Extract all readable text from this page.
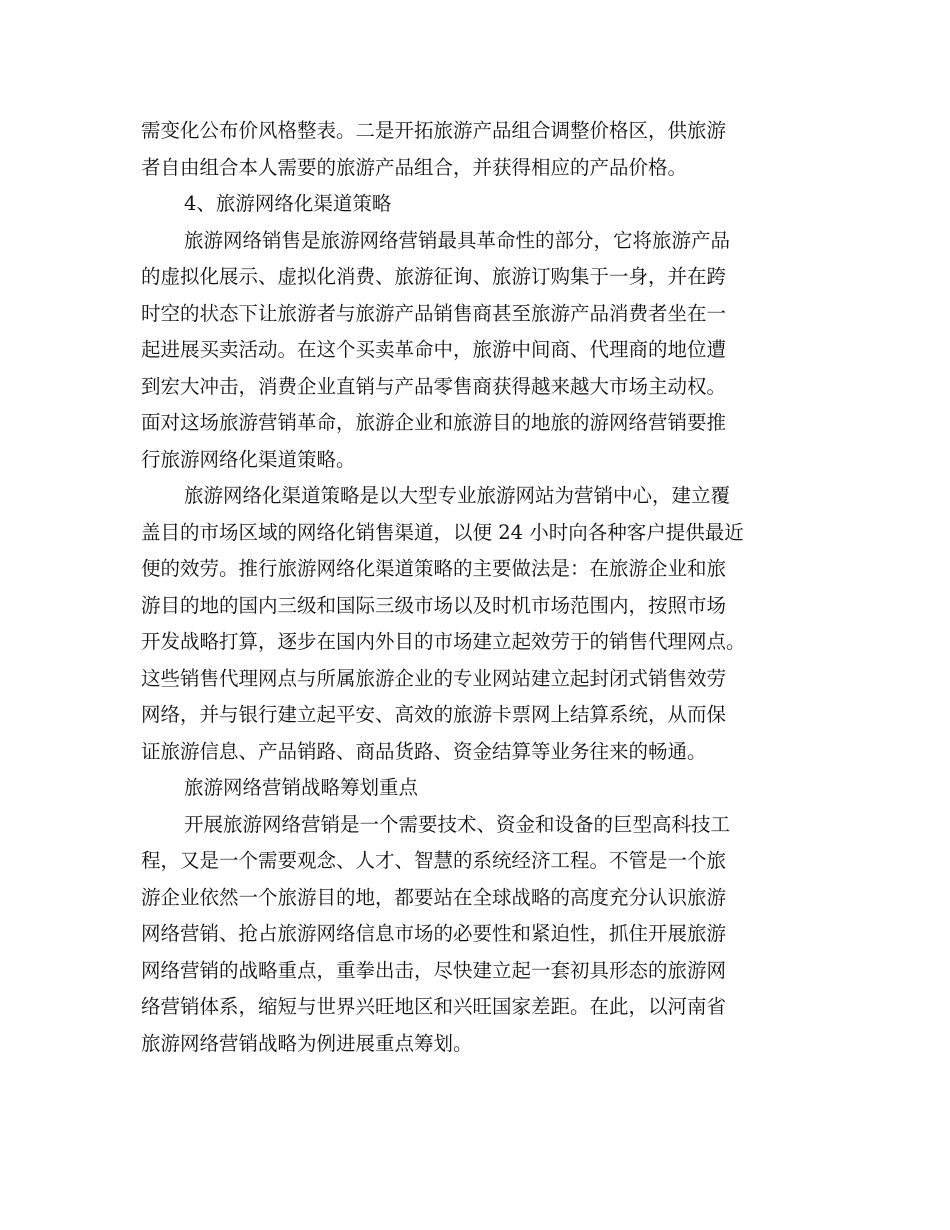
需变化公布价风格整表。二是开拓旅游产品组合调整价格区，供旅游
者自由组合本人需要的旅游产品组合，并获得相应的产品价格。
4、旅游网络化渠道策略
旅游网络销售是旅游网络营销最具革命性的部分，它将旅游产品
的虚拟化展示、虚拟化消费、旅游征询、旅游订购集于一身，并在跨
时空的状态下让旅游者与旅游产品销售商甚至旅游产品消费者坐在一
起进展买卖活动。在这个买卖革命中，旅游中间商、代理商的地位遭
到宏大冲击，消费企业直销与产品零售商获得越来越大市场主动权。
面对这场旅游营销革命，旅游企业和旅游目的地旅的游网络营销要推
行旅游网络化渠道策略。
旅游网络化渠道策略是以大型专业旅游网站为营销中心，建立覆
盖目的市场区域的网络化销售渠道，以便 24 小时向各种客户提供最近
便的效劳。推行旅游网络化渠道策略的主要做法是：在旅游企业和旅
游目的地的国内三级和国际三级市场以及时机市场范围内，按照市场
开发战略打算，逐步在国内外目的市场建立起效劳于的销售代理网点。
这些销售代理网点与所属旅游企业的专业网站建立起封闭式销售效劳
网络，并与银行建立起平安、高效的旅游卡票网上结算系统，从而保
证旅游信息、产品销路、商品货路、资金结算等业务往来的畅通。
旅游网络营销战略筹划重点
开展旅游网络营销是一个需要技术、资金和设备的巨型高科技工
程，又是一个需要观念、人才、智慧的系统经济工程。不管是一个旅
游企业依然一个旅游目的地，都要站在全球战略的高度充分认识旅游
网络营销、抢占旅游网络信息市场的必要性和紧迫性，抓住开展旅游
网络营销的战略重点，重拳出击，尽快建立起一套初具形态的旅游网
络营销体系，缩短与世界兴旺地区和兴旺国家差距。在此，以河南省
旅游网络营销战略为例进展重点筹划。
